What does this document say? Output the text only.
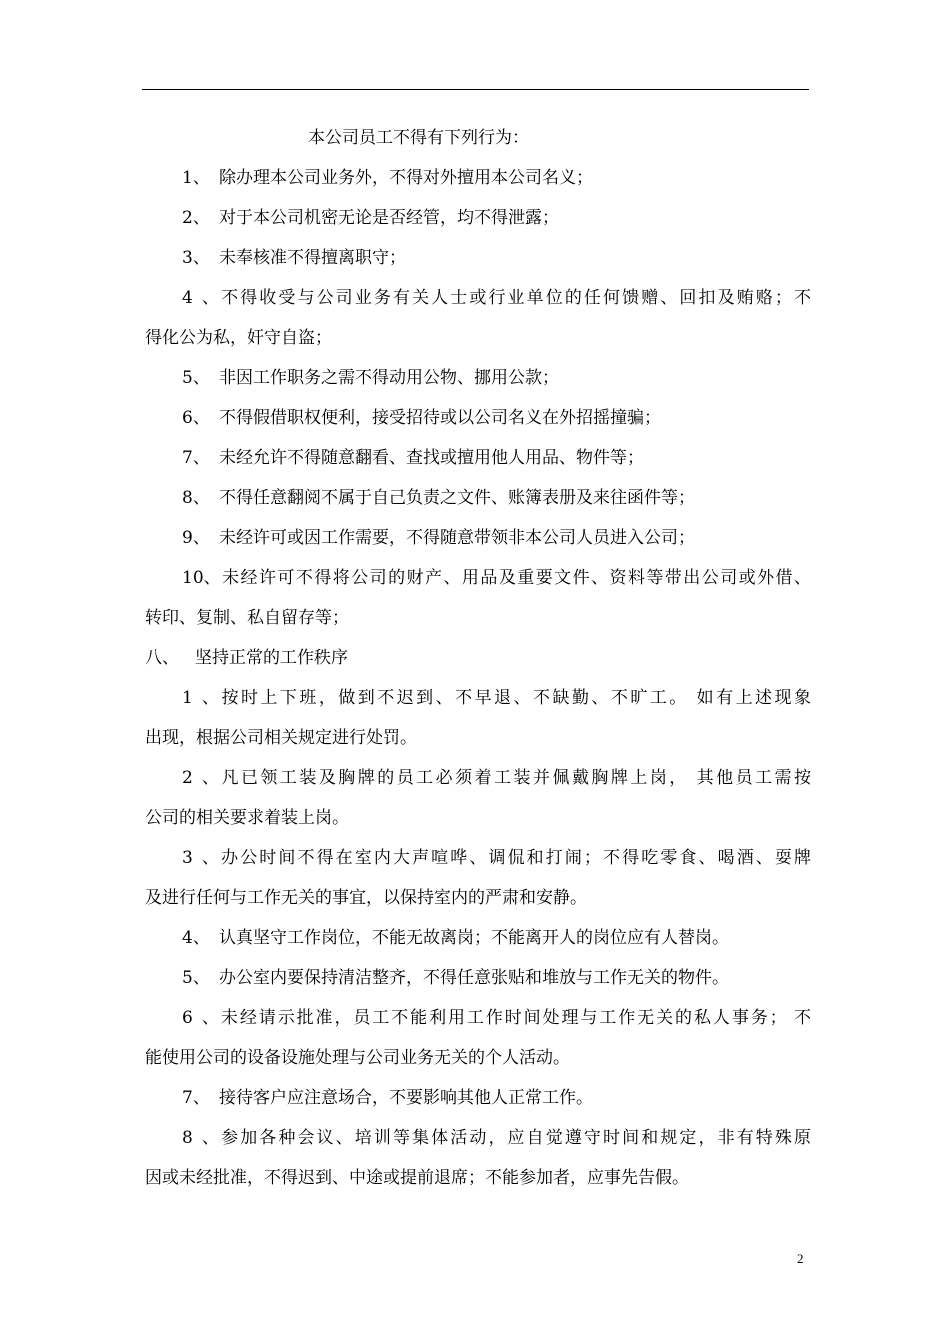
本公司员工不得有下列行为：
1、 除办理本公司业务外，不得对外擅用本公司名义；
2、 对于本公司机密无论是否经管，均不得泄露；
3、 未奉核准不得擅离职守；
4、不得收受与公司业务有关人士或行业单位的任何馈赠、回扣及贿赂；不
得化公为私，奸守自盗；
5、 非因工作职务之需不得动用公物、挪用公款；
6、 不得假借职权便利，接受招待或以公司名义在外招摇撞骗；
7、 未经允许不得随意翻看、查找或擅用他人用品、物件等；
8、 不得任意翻阅不属于自己负责之文件、账簿表册及来往函件等；
9、 未经许可或因工作需要，不得随意带领非本公司人员进入公司；
10、未经许可不得将公司的财产、用品及重要文件、资料等带出公司或外借、
转印、复制、私自留存等；
八、 坚持正常的工作秩序
1、按时上下班，做到不迟到、不早退、不缺勤、不旷工。 如有上述现象
出现，根据公司相关规定进行处罚。
2、凡已领工装及胸牌的员工必须着工装并佩戴胸牌上岗， 其他员工需按
公司的相关要求着装上岗。
3、办公时间不得在室内大声喧哗、调侃和打闹；不得吃零食、喝酒、耍牌
及进行任何与工作无关的事宜，以保持室内的严肃和安静。
4、 认真坚守工作岗位，不能无故离岗；不能离开人的岗位应有人替岗。
5、 办公室内要保持清洁整齐，不得任意张贴和堆放与工作无关的物件。
6、未经请示批准，员工不能利用工作时间处理与工作无关的私人事务； 不
能使用公司的设备设施处理与公司业务无关的个人活动。
7、 接待客户应注意场合，不要影响其他人正常工作。
8、参加各种会议、培训等集体活动，应自觉遵守时间和规定，非有特殊原
因或未经批准，不得迟到、中途或提前退席；不能参加者，应事先告假。
2
